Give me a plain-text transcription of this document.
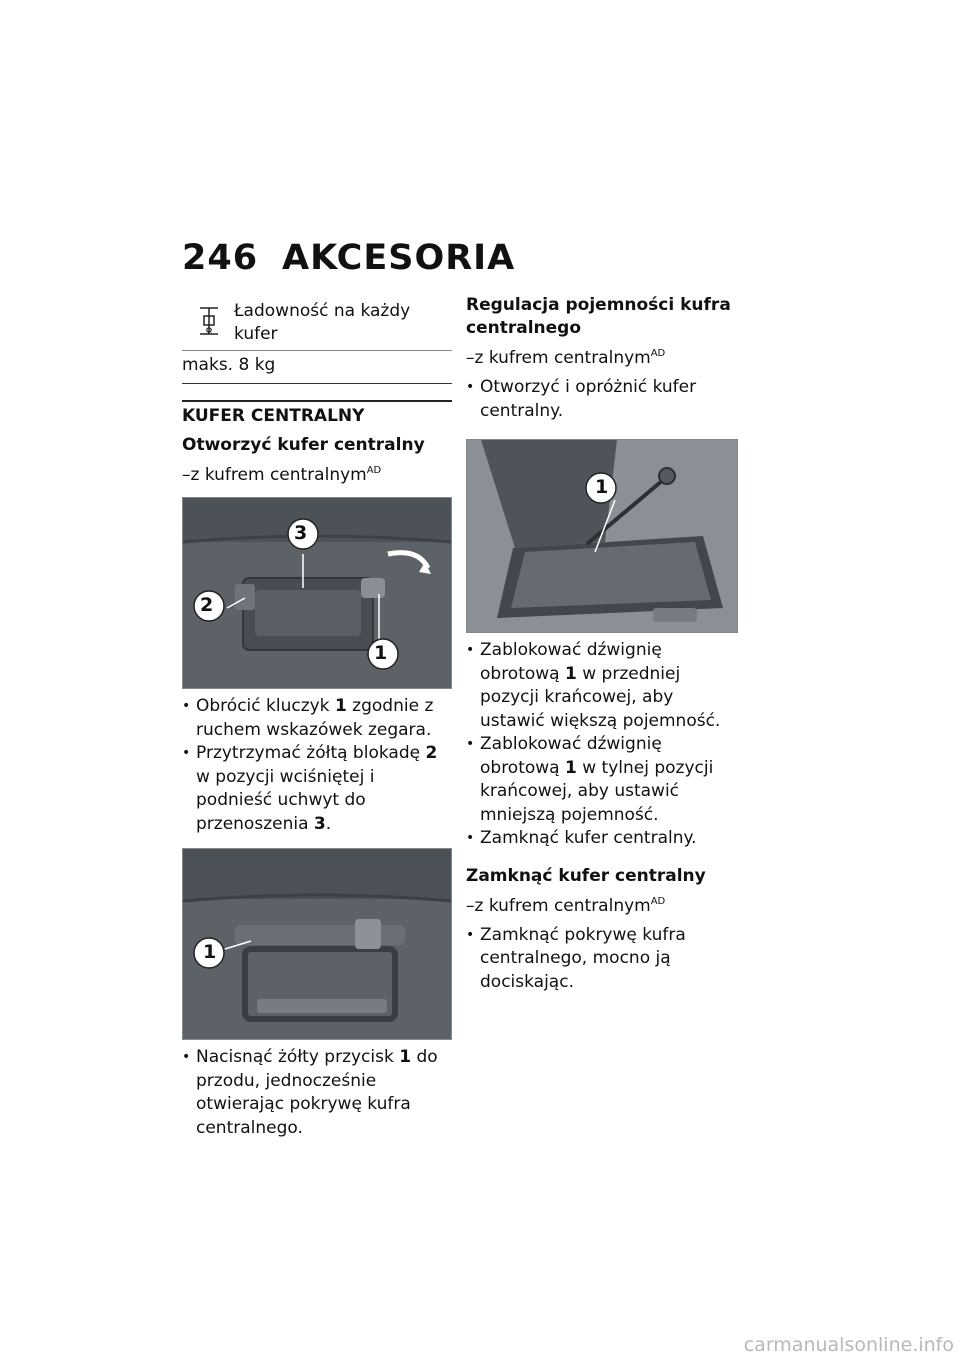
246 AKCESORIA
Ładowność na każdy kufer
maks. 8 kg
KUFER CENTRALNY
Otworzyć kufer centralny
–z kufrem centralnym$^{AD}$
3
2
1
• Obrócić kluczyk 1 zgodnie z ruchem wskazówek zegara.
• Przytrzymać żółtą blokadę 2 w pozycji wciśniętej i podnieść uchwyt do przenoszenia 3.
1
• Nacisnąć żółty przycisk 1 do przodu, jednocześnie otwierając pokrywę kufra centralnego.
Regulacja pojemności kufra centralnego
–z kufrem centralnym$^{AD}$
• Otworzyć i opróżnić kufer centralny.
1
• Zablokować dźwignię obrotową 1 w przedniej pozycji krańcowej, aby ustawić większą pojemność.
• Zablokować dźwignię obrotową 1 w tylnej pozycji krańcowej, aby ustawić mniejszą pojemność.
• Zamknąć kufer centralny.
Zamknąć kufer centralny
–z kufrem centralnym$^{AD}$
• Zamknąć pokrywę kufra centralnego, mocno ją dociskając.
carmanualsonline.info
